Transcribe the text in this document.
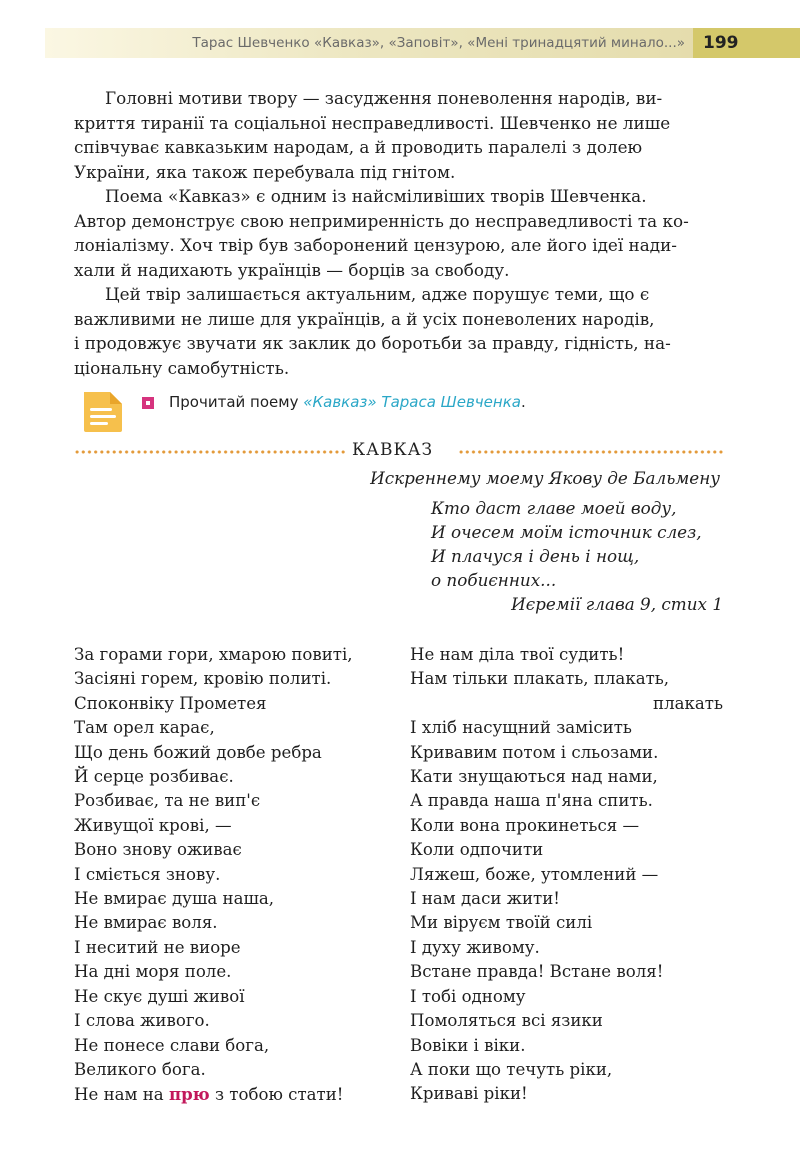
Тарас Шевченко «Кавказ», «Заповіт», «Мені тринадцятий минало...»	199

Головні мотиви твору — засудження поневолення народів, ви-
криття тиранії та соціальної несправедливості. Шевченко не лише
співчуває кавказьким народам, а й проводить паралелі з долею
України, яка також перебувала під гнітом.

Поема «Кавказ» є одним із найсміливіших творів Шевченка.
Автор демонструє свою непримиренність до несправедливості та ко-
лоніалізму. Хоч твір був заборонений цензурою, але його ідеї нади-
хали й надихають українців — борців за свободу.

Цей твір залишається актуальним, адже порушує теми, що є
важливими не лише для українців, а й усіх поневолених народів,
і продовжує звучати як заклик до боротьби за правду, гідність, на-
ціональну самобутність.

Прочитай поему «Кавказ» Тараса Шевченка.
КАВКАЗ
Искреннему моему Якову де Бальмену
Кто даст главе моей воду,
И очесем моїм істочник слез,
И плачуся і день і нощ,
о побиєнних...
Иєремії глава 9, стих 1
За горами гори, хмарою повиті,
Засіяні горем, кровію политі.
Споконвіку Прометея
Там орел карає,
Що день божий довбе ребра
Й серце розбиває.
Розбиває, та не вип'є
Живущої крові, —
Воно знову оживає
І сміється знову.
Не вмирає душа наша,
Не вмирає воля.
І неситий не виоре
На дні моря поле.
Не скує душі живої
І слова живого.
Не понесе слави бога,
Великого бога.
Не нам на прю з тобою стати!
Не нам діла твої судить!
Нам тільки плакать, плакать,
плакать
І хліб насущний замісить
Кривавим потом і сльозами.
Кати знущаються над нами,
А правда наша п'яна спить.
Коли вона прокинеться —
Коли одпочити
Ляжеш, боже, утомлений —
І нам даси жити!
Ми віруєм твоїй силі
І духу живому.
Встане правда! Встане воля!
І тобі одному
Помоляться всі язики
Вовіки і віки.
А поки що течуть ріки,
Криваві ріки!
